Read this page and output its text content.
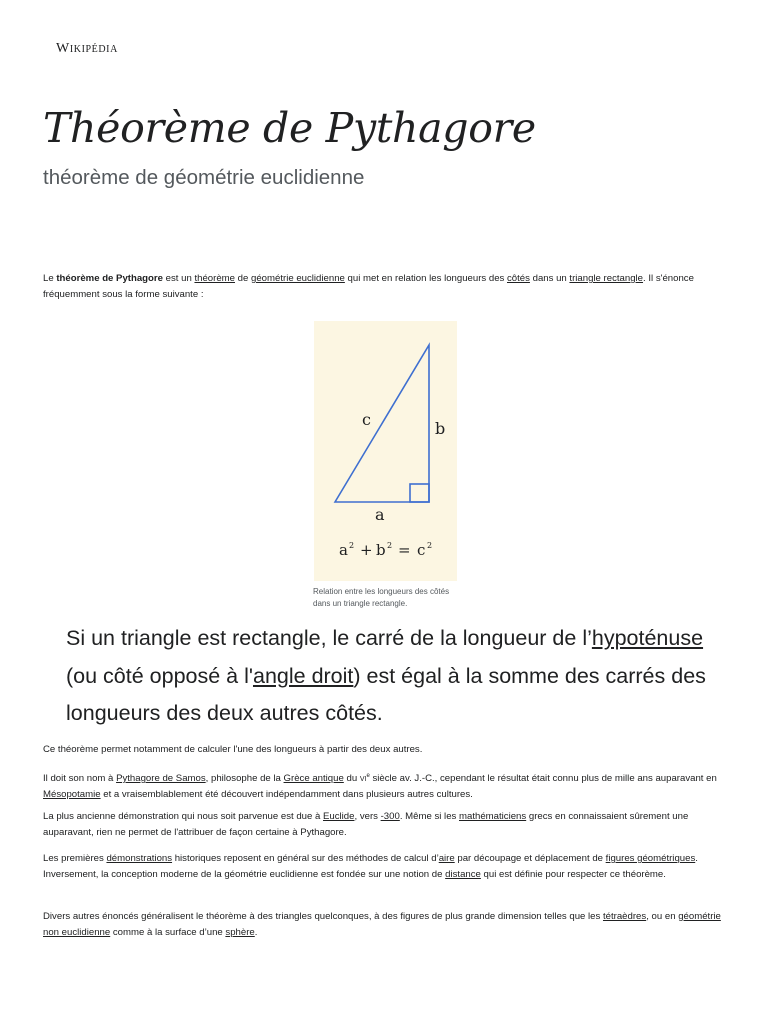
Wikipédia
Théorème de Pythagore
théorème de géométrie euclidienne

Le théorème de Pythagore est un théorème de géométrie euclidienne qui met en relation les longueurs des côtés dans un triangle rectangle. Il s'énonce fréquemment sous la forme suivante :

c	b
a
a 2 + b 2 = c 2
Relation entre les longueurs des côtés dans un triangle rectangle.

Si un triangle est rectangle, le carré de la longueur de l’hypoténuse (ou côté opposé à l'angle droit) est égal à la somme des carrés des longueurs des deux autres côtés.

Ce théorème permet notamment de calculer l'une des longueurs à partir des deux autres.

Il doit son nom à Pythagore de Samos, philosophe de la Grèce antique du $vi^e$ siècle av. J.-C., cependant le résultat était connu plus de mille ans auparavant en Mésopotamie et a vraisemblablement été découvert indépendamment dans plusieurs autres cultures.

La plus ancienne démonstration qui nous soit parvenue est due à Euclide, vers -300. Même si les mathématiciens grecs en connaissaient sûrement une auparavant, rien ne permet de l'attribuer de façon certaine à Pythagore.

Les premières démonstrations historiques reposent en général sur des méthodes de calcul d’aire par découpage et déplacement de figures géométriques. Inversement, la conception moderne de la géométrie euclidienne est fondée sur une notion de distance qui est définie pour respecter ce théorème.

Divers autres énoncés généralisent le théorème à des triangles quelconques, à des figures de plus grande dimension telles que les tétraèdres, ou en géométrie non euclidienne comme à la surface d’une sphère.
